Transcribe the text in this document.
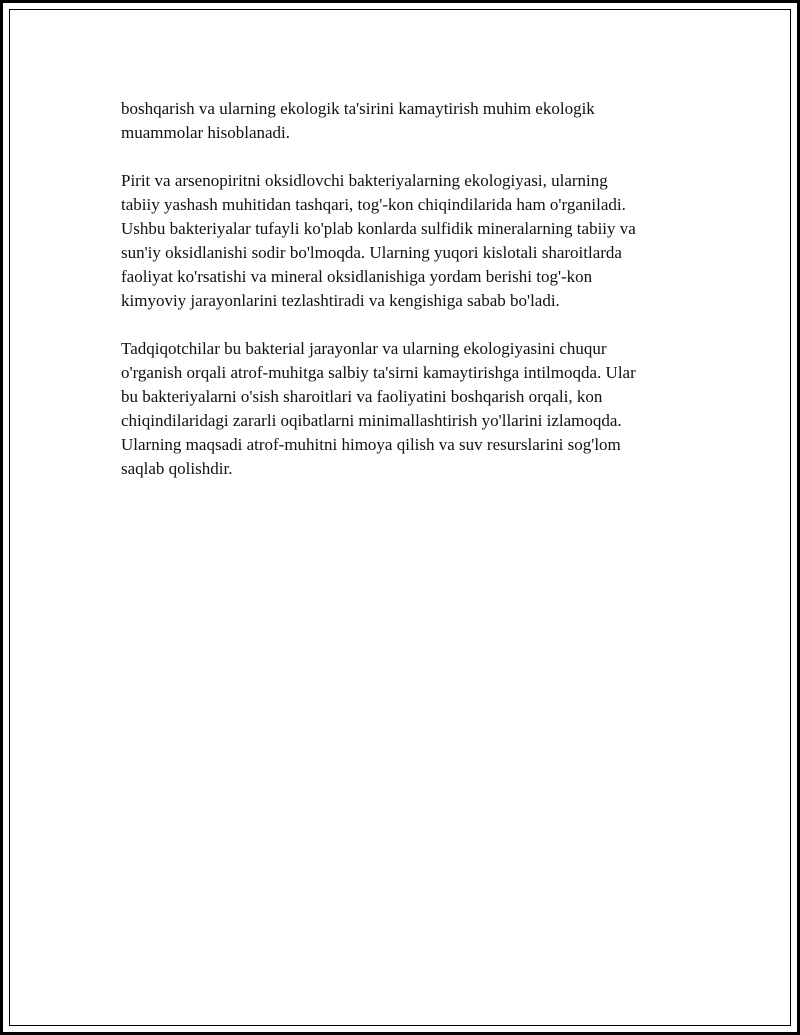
boshqarish va ularning ekologik ta'sirini kamaytirish muhim ekologik
muammolar hisoblanadi.

Pirit va arsenopiritni oksidlovchi bakteriyalarning ekologiyasi, ularning
tabiiy yashash muhitidan tashqari, tog'-kon chiqindilarida ham o'rganiladi.
Ushbu bakteriyalar tufayli ko'plab konlarda sulfidik mineralarning tabiiy va
sun'iy oksidlanishi sodir bo'lmoqda. Ularning yuqori kislotali sharoitlarda
faoliyat ko'rsatishi va mineral oksidlanishiga yordam berishi tog'-kon
kimyoviy jarayonlarini tezlashtiradi va kengishiga sabab bo'ladi.

Tadqiqotchilar bu bakterial jarayonlar va ularning ekologiyasini chuqur
o'rganish orqali atrof-muhitga salbiy ta'sirni kamaytirishga intilmoqda. Ular
bu bakteriyalarni o'sish sharoitlari va faoliyatini boshqarish orqali, kon
chiqindilaridagi zararli oqibatlarni minimallashtirish yo'llarini izlamoqda.
Ularning maqsadi atrof-muhitni himoya qilish va suv resurslarini sog'lom
saqlab qolishdir.
